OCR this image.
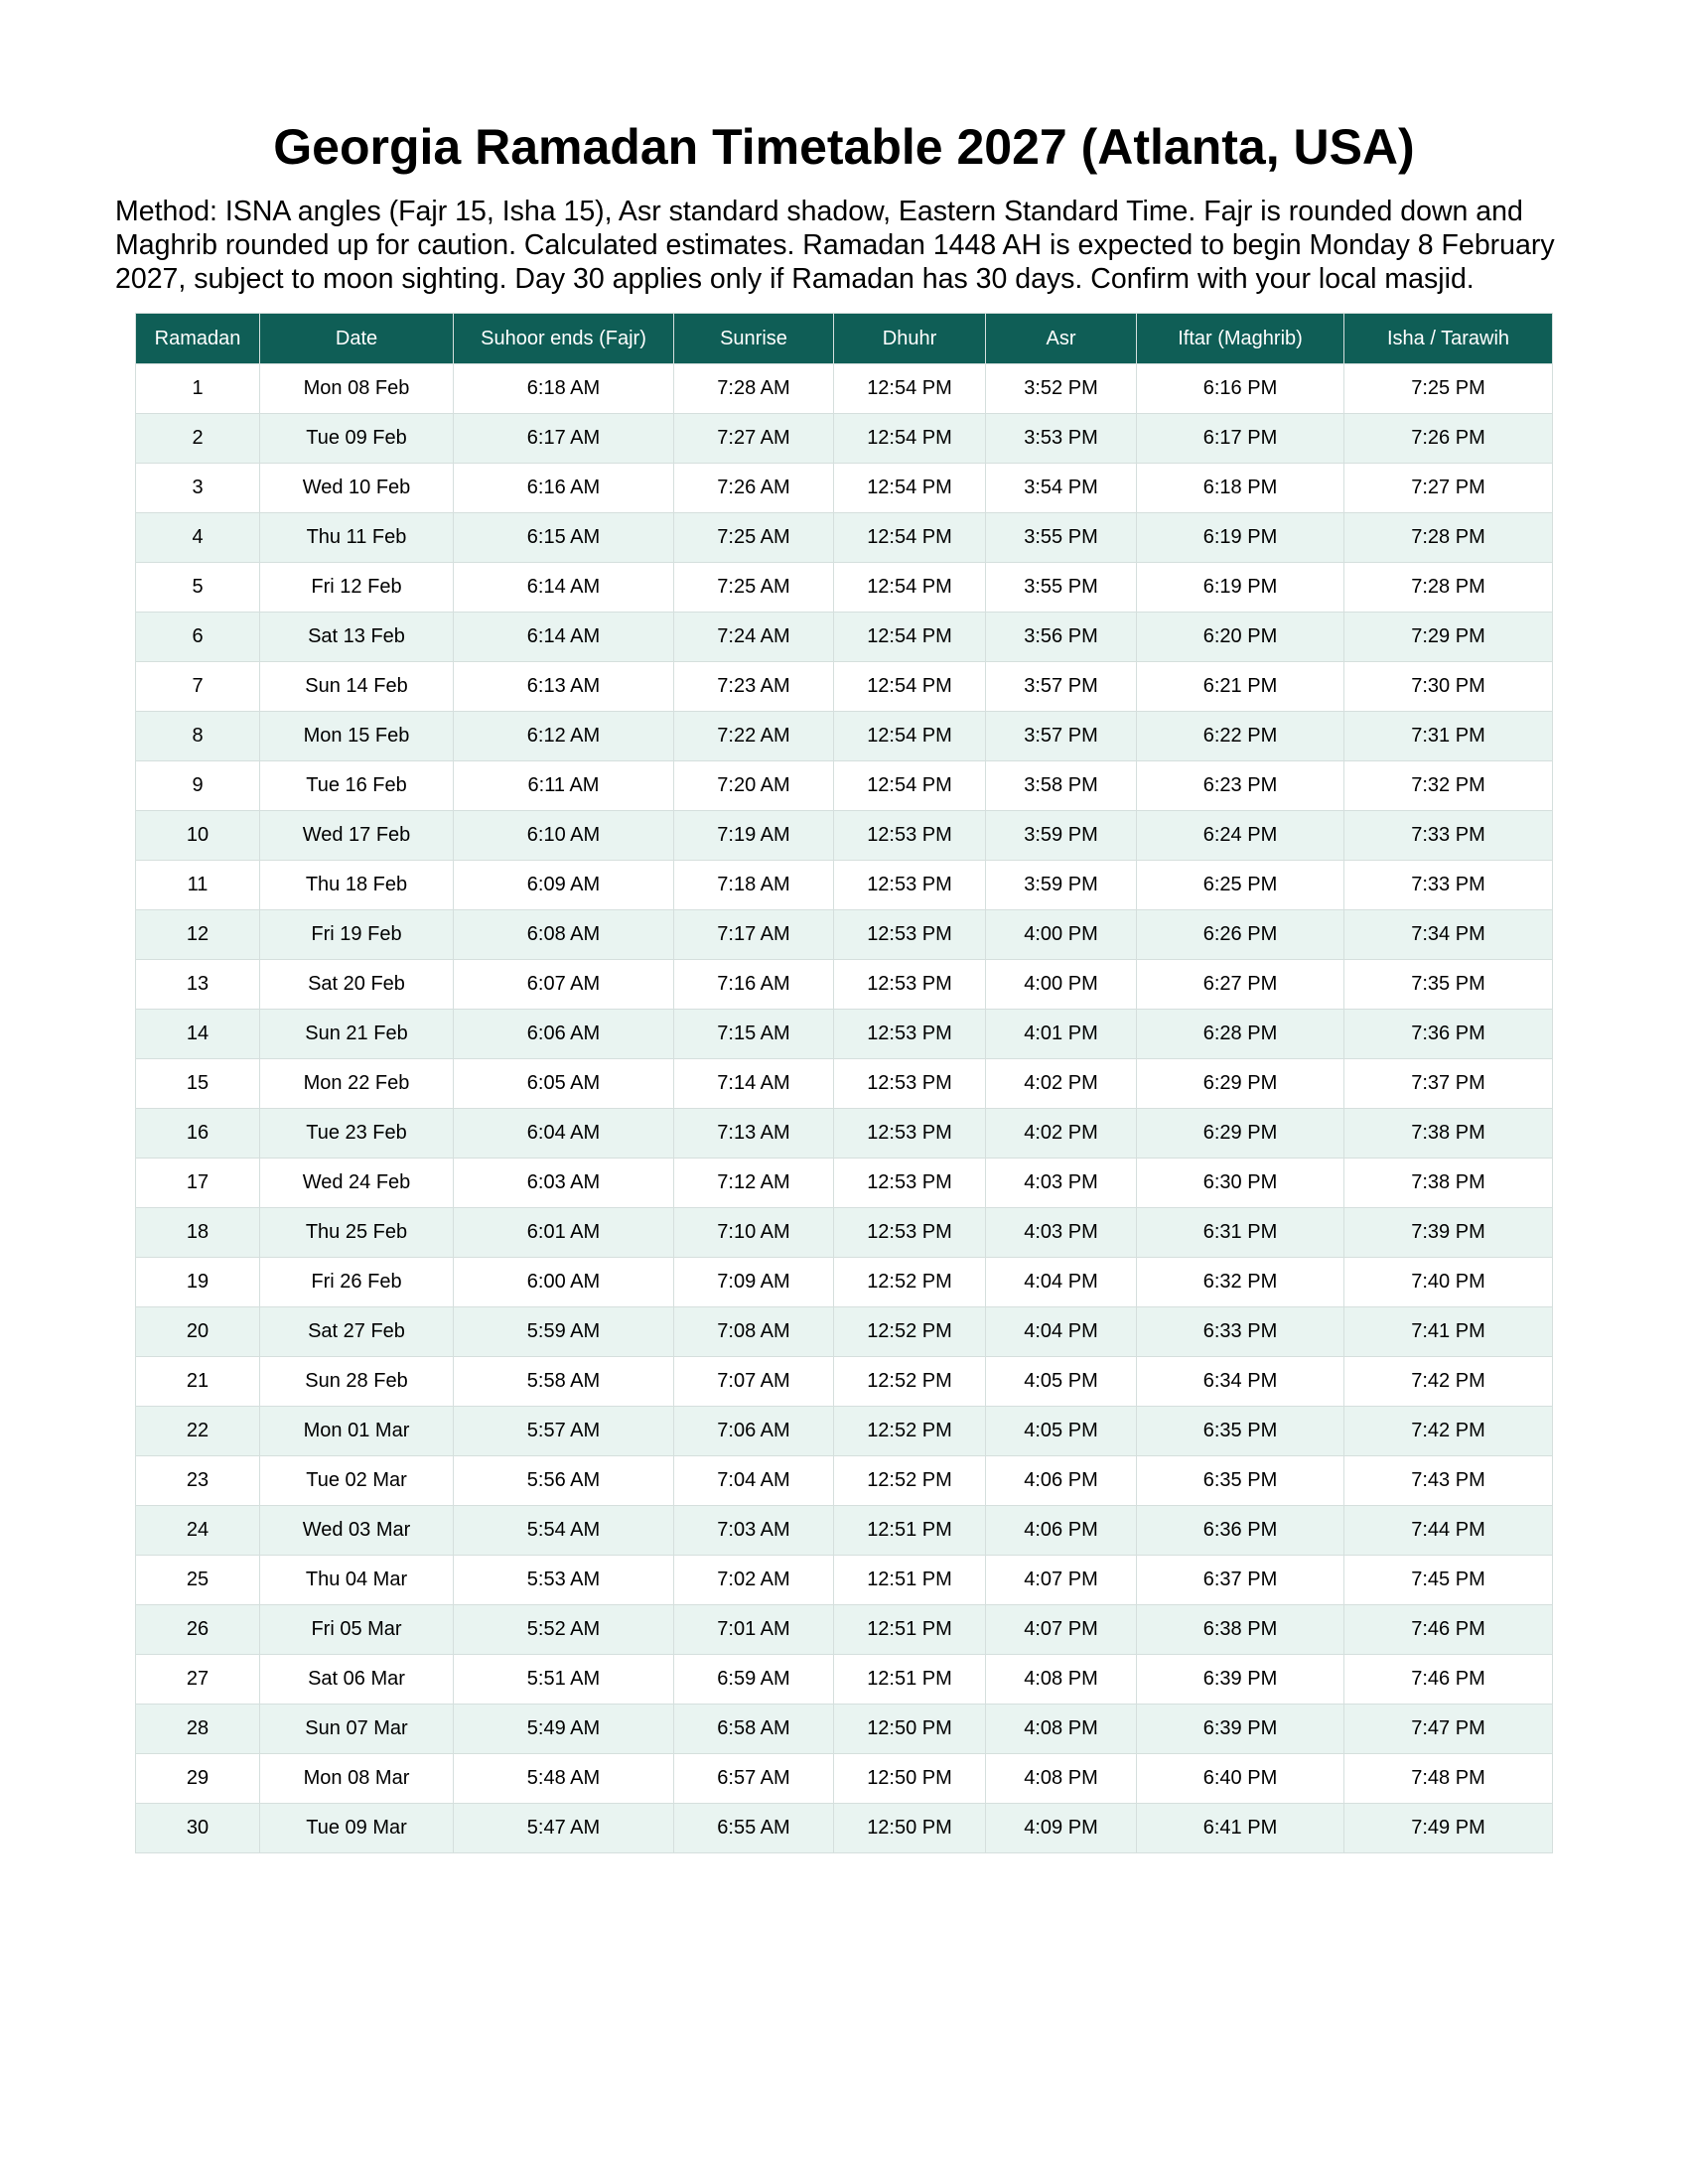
Georgia Ramadan Timetable 2027 (Atlanta, USA)

Method: ISNA angles (Fajr 15, Isha 15), Asr standard shadow, Eastern Standard Time. Fajr is rounded down and Maghrib rounded up for caution. Calculated estimates. Ramadan 1448 AH is expected to begin Monday 8 February 2027, subject to moon sighting. Day 30 applies only if Ramadan has 30 days. Confirm with your local masjid.

Ramadan	Date	Suhoor ends (Fajr)	Sunrise	Dhuhr	Asr	Iftar (Maghrib)	Isha / Tarawih
1	Mon 08 Feb	6:18 AM	7:28 AM	12:54 PM	3:52 PM	6:16 PM	7:25 PM
2	Tue 09 Feb	6:17 AM	7:27 AM	12:54 PM	3:53 PM	6:17 PM	7:26 PM
3	Wed 10 Feb	6:16 AM	7:26 AM	12:54 PM	3:54 PM	6:18 PM	7:27 PM
4	Thu 11 Feb	6:15 AM	7:25 AM	12:54 PM	3:55 PM	6:19 PM	7:28 PM
5	Fri 12 Feb	6:14 AM	7:25 AM	12:54 PM	3:55 PM	6:19 PM	7:28 PM
6	Sat 13 Feb	6:14 AM	7:24 AM	12:54 PM	3:56 PM	6:20 PM	7:29 PM
7	Sun 14 Feb	6:13 AM	7:23 AM	12:54 PM	3:57 PM	6:21 PM	7:30 PM
8	Mon 15 Feb	6:12 AM	7:22 AM	12:54 PM	3:57 PM	6:22 PM	7:31 PM
9	Tue 16 Feb	6:11 AM	7:20 AM	12:54 PM	3:58 PM	6:23 PM	7:32 PM
10	Wed 17 Feb	6:10 AM	7:19 AM	12:53 PM	3:59 PM	6:24 PM	7:33 PM
11	Thu 18 Feb	6:09 AM	7:18 AM	12:53 PM	3:59 PM	6:25 PM	7:33 PM
12	Fri 19 Feb	6:08 AM	7:17 AM	12:53 PM	4:00 PM	6:26 PM	7:34 PM
13	Sat 20 Feb	6:07 AM	7:16 AM	12:53 PM	4:00 PM	6:27 PM	7:35 PM
14	Sun 21 Feb	6:06 AM	7:15 AM	12:53 PM	4:01 PM	6:28 PM	7:36 PM
15	Mon 22 Feb	6:05 AM	7:14 AM	12:53 PM	4:02 PM	6:29 PM	7:37 PM
16	Tue 23 Feb	6:04 AM	7:13 AM	12:53 PM	4:02 PM	6:29 PM	7:38 PM
17	Wed 24 Feb	6:03 AM	7:12 AM	12:53 PM	4:03 PM	6:30 PM	7:38 PM
18	Thu 25 Feb	6:01 AM	7:10 AM	12:53 PM	4:03 PM	6:31 PM	7:39 PM
19	Fri 26 Feb	6:00 AM	7:09 AM	12:52 PM	4:04 PM	6:32 PM	7:40 PM
20	Sat 27 Feb	5:59 AM	7:08 AM	12:52 PM	4:04 PM	6:33 PM	7:41 PM
21	Sun 28 Feb	5:58 AM	7:07 AM	12:52 PM	4:05 PM	6:34 PM	7:42 PM
22	Mon 01 Mar	5:57 AM	7:06 AM	12:52 PM	4:05 PM	6:35 PM	7:42 PM
23	Tue 02 Mar	5:56 AM	7:04 AM	12:52 PM	4:06 PM	6:35 PM	7:43 PM
24	Wed 03 Mar	5:54 AM	7:03 AM	12:51 PM	4:06 PM	6:36 PM	7:44 PM
25	Thu 04 Mar	5:53 AM	7:02 AM	12:51 PM	4:07 PM	6:37 PM	7:45 PM
26	Fri 05 Mar	5:52 AM	7:01 AM	12:51 PM	4:07 PM	6:38 PM	7:46 PM
27	Sat 06 Mar	5:51 AM	6:59 AM	12:51 PM	4:08 PM	6:39 PM	7:46 PM
28	Sun 07 Mar	5:49 AM	6:58 AM	12:50 PM	4:08 PM	6:39 PM	7:47 PM
29	Mon 08 Mar	5:48 AM	6:57 AM	12:50 PM	4:08 PM	6:40 PM	7:48 PM
30	Tue 09 Mar	5:47 AM	6:55 AM	12:50 PM	4:09 PM	6:41 PM	7:49 PM
